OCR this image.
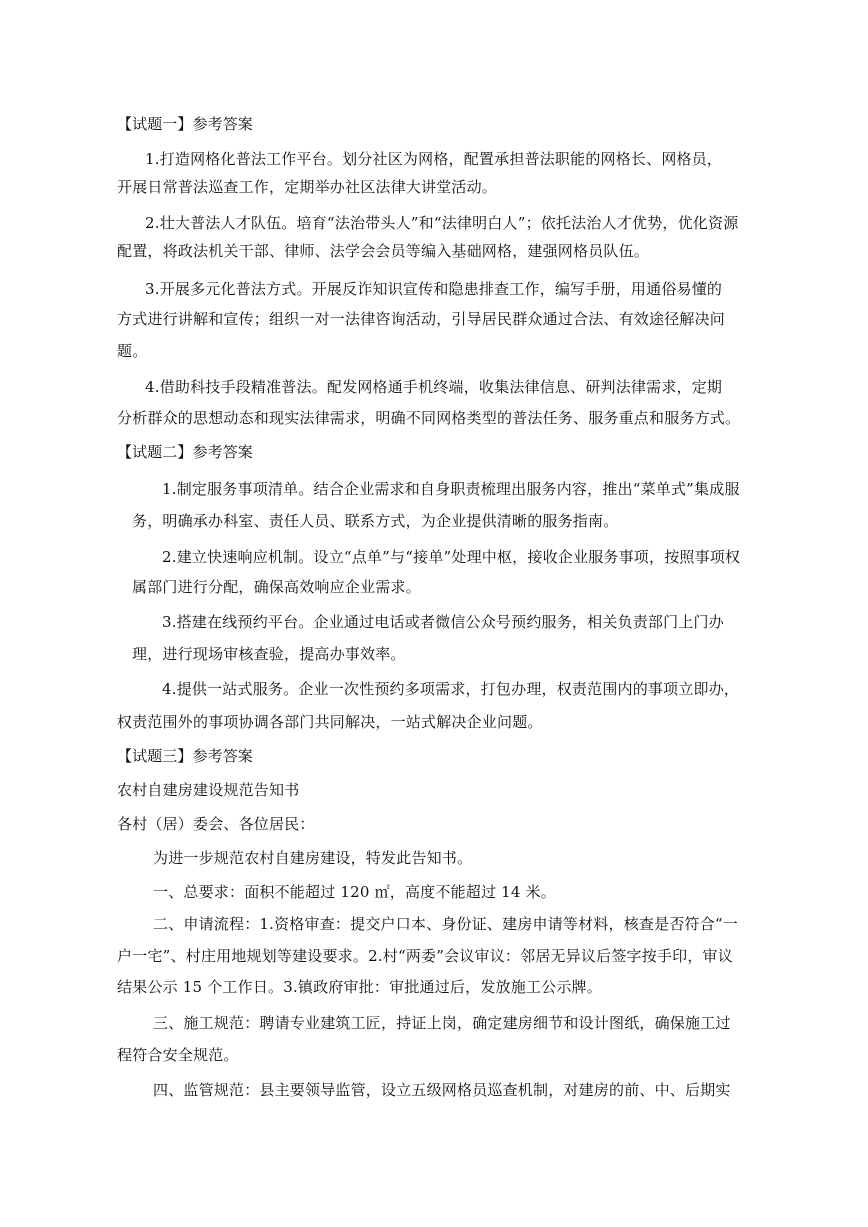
【试题一】参考答案
1.打造网格化普法工作平台。划分社区为网格，配置承担普法职能的网格长、网格员，
开展日常普法巡查工作，定期举办社区法律大讲堂活动。
2.壮大普法人才队伍。培育“法治带头人”和“法律明白人”；依托法治人才优势，优化资源
配置，将政法机关干部、律师、法学会会员等编入基础网格，建强网格员队伍。
3.开展多元化普法方式。开展反诈知识宣传和隐患排查工作，编写手册，用通俗易懂的
方式进行讲解和宣传；组织一对一法律咨询活动，引导居民群众通过合法、有效途径解决问
题。
4.借助科技手段精准普法。配发网格通手机终端，收集法律信息、研判法律需求，定期
分析群众的思想动态和现实法律需求，明确不同网格类型的普法任务、服务重点和服务方式。
【试题二】参考答案
1.制定服务事项清单。结合企业需求和自身职责梳理出服务内容，推出“菜单式”集成服
务，明确承办科室、责任人员、联系方式，为企业提供清晰的服务指南。
2.建立快速响应机制。设立“点单”与“接单”处理中枢，接收企业服务事项，按照事项权
属部门进行分配，确保高效响应企业需求。
3.搭建在线预约平台。企业通过电话或者微信公众号预约服务，相关负责部门上门办
理，进行现场审核查验，提高办事效率。
4.提供一站式服务。企业一次性预约多项需求，打包办理，权责范围内的事项立即办，
权责范围外的事项协调各部门共同解决，一站式解决企业问题。
【试题三】参考答案
农村自建房建设规范告知书
各村（居）委会、各位居民：
为进一步规范农村自建房建设，特发此告知书。
一、总要求：面积不能超过 120 ㎡，高度不能超过 14 米。
二、申请流程：1.资格审查：提交户口本、身份证、建房申请等材料，核查是否符合“一
户一宅”、村庄用地规划等建设要求。2.村“两委”会议审议：邻居无异议后签字按手印，审议
结果公示 15 个工作日。3.镇政府审批：审批通过后，发放施工公示牌。
三、施工规范：聘请专业建筑工匠，持证上岗，确定建房细节和设计图纸，确保施工过
程符合安全规范。
四、监管规范：县主要领导监管，设立五级网格员巡查机制，对建房的前、中、后期实
